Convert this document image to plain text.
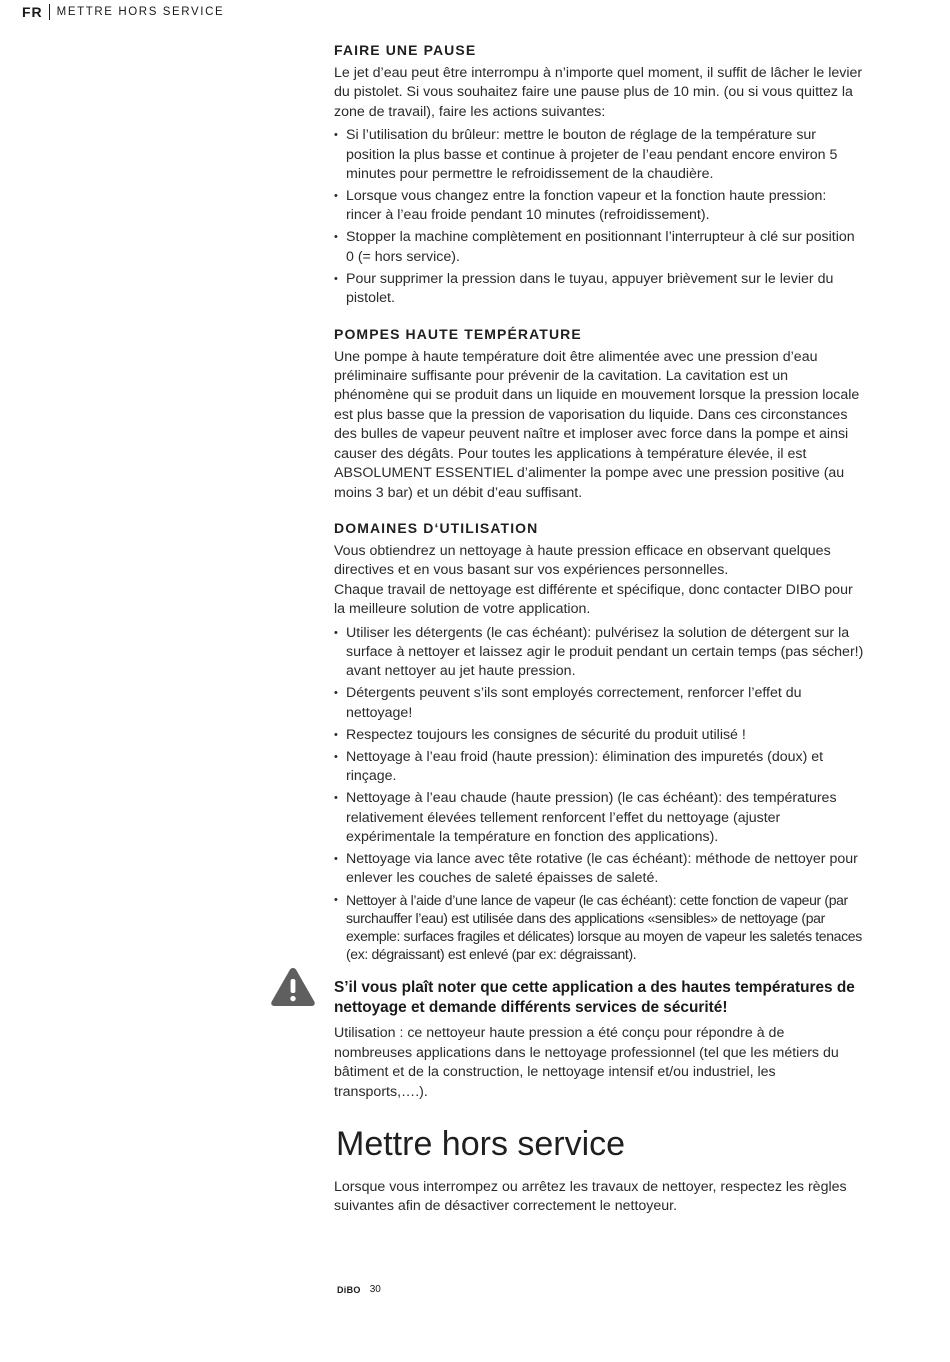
FR METTRE HORS SERVICE
FAIRE UNE PAUSE

Le jet d’eau peut être interrompu à n’importe quel moment, il suffit de lâcher le levier du pistolet. Si vous souhaitez faire une pause plus de 10 min. (ou si vous quittez la zone de travail), faire les actions suivantes:

• Si l’utilisation du brûleur: mettre le bouton de réglage de la température sur position la plus basse et continue à projeter de l’eau pendant encore environ 5 minutes pour permettre le refroidissement de la chaudière.
• Lorsque vous changez entre la fonction vapeur et la fonction haute pression: rincer à l’eau froide pendant 10 minutes (refroidissement).
• Stopper la machine complètement en positionnant l’interrupteur à clé sur position 0 (= hors service).
• Pour supprimer la pression dans le tuyau, appuyer brièvement sur le levier du pistolet.
POMPES HAUTE TEMPÉRATURE

Une pompe à haute température doit être alimentée avec une pression d’eau préliminaire suffisante pour prévenir de la cavitation. La cavitation est un phénomène qui se produit dans un liquide en mouvement lorsque la pression locale est plus basse que la pression de vaporisation du liquide. Dans ces circonstances des bulles de vapeur peuvent naître et imploser avec force dans la pompe et ainsi causer des dégâts. Pour toutes les applications à température élevée, il est ABSOLUMENT ESSENTIEL d’alimenter la pompe avec une pression positive (au moins 3 bar) et un débit d’eau suffisant.

DOMAINES D‘UTILISATION

Vous obtiendrez un nettoyage à haute pression efficace en observant quelques directives et en vous basant sur vos expériences personnelles.

Chaque travail de nettoyage est différente et spécifique, donc contacter DIBO pour la meilleure solution de votre application.

• Utiliser les détergents (le cas échéant): pulvérisez la solution de détergent sur la surface à nettoyer et laissez agir le produit pendant un certain temps (pas sécher!) avant nettoyer au jet haute pression.
• Détergents peuvent s’ils sont employés correctement, renforcer l’effet du nettoyage!
• Respectez toujours les consignes de sécurité du produit utilisé !
• Nettoyage à l’eau froid (haute pression): élimination des impuretés (doux) et rinçage.
• Nettoyage à l’eau chaude (haute pression) (le cas échéant): des températures relativement élevées tellement renforcent l’effet du nettoyage (ajuster expérimentale la température en fonction des applications).
• Nettoyage via lance avec tête rotative (le cas échéant): méthode de nettoyer pour enlever les couches de saleté épaisses de saleté.
• Nettoyer à l’aide d’une lance de vapeur (le cas échéant): cette fonction de vapeur (par surchauffer l’eau) est utilisée dans des applications «sensibles» de nettoyage (par exemple: surfaces fragiles et délicates) lorsque au moyen de vapeur les saletés tenaces (ex: dégraissant) est enlevé (par ex: dégraissant).
S’il vous plaît noter que cette application a des hautes températures de nettoyage et demande différents services de sécurité!

Utilisation : ce nettoyeur haute pression a été conçu pour répondre à de nombreuses applications dans le nettoyage professionnel (tel que les métiers du bâtiment et de la construction, le nettoyage intensif et/ou industriel, les transports,….).

Mettre hors service

Lorsque vous interrompez ou arrêtez les travaux de nettoyer, respectez les règles suivantes afin de désactiver correctement le nettoyeur.

DiBO 30
